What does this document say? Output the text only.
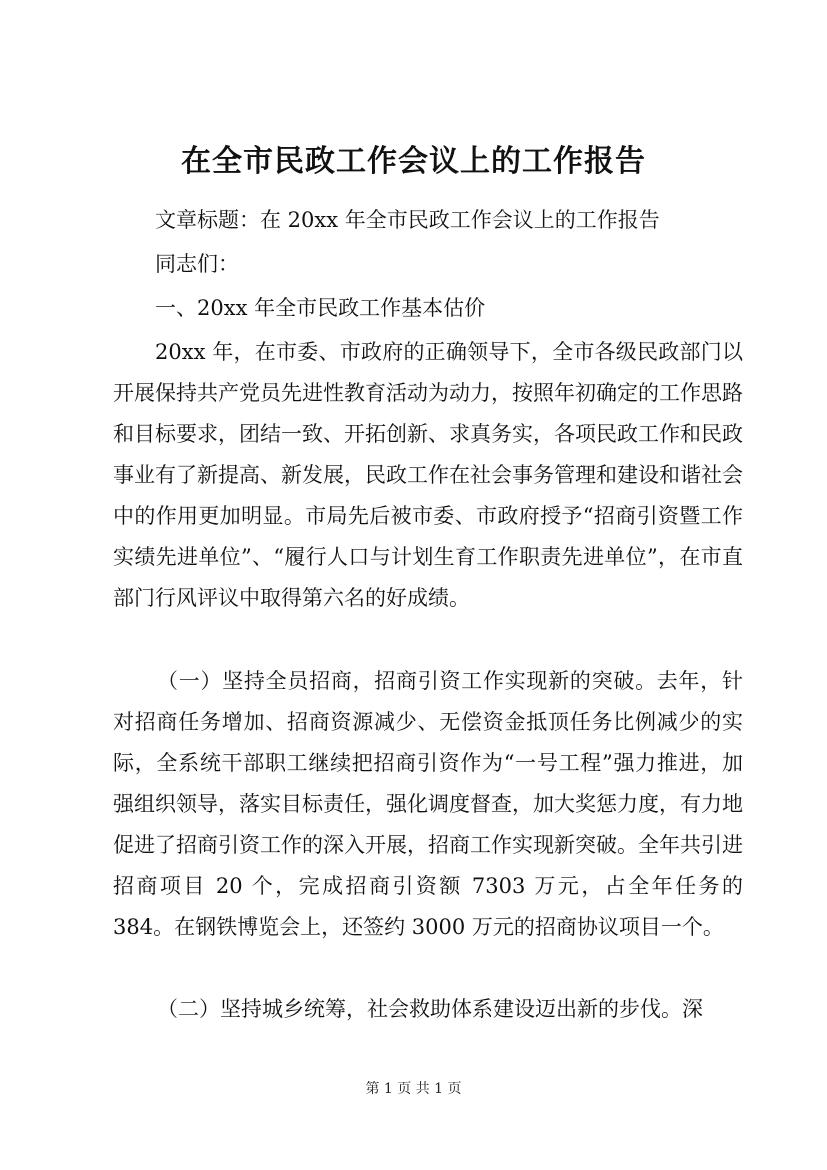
在全市民政工作会议上的工作报告

文章标题：在 20xx 年全市民政工作会议上的工作报告

同志们：

一、20xx 年全市民政工作基本估价

20xx 年，在市委、市政府的正确领导下，全市各级民政部门以开展保持共产党员先进性教育活动为动力，按照年初确定的工作思路和目标要求，团结一致、开拓创新、求真务实，各项民政工作和民政事业有了新提高、新发展，民政工作在社会事务管理和建设和谐社会中的作用更加明显。市局先后被市委、市政府授予“招商引资暨工作实绩先进单位”、“履行人口与计划生育工作职责先进单位”，在市直部门行风评议中取得第六名的好成绩。

（一）坚持全员招商，招商引资工作实现新的突破。去年，针对招商任务增加、招商资源减少、无偿资金抵顶任务比例减少的实际，全系统干部职工继续把招商引资作为“一号工程”强力推进，加强组织领导，落实目标责任，强化调度督查，加大奖惩力度，有力地促进了招商引资工作的深入开展，招商工作实现新突破。全年共引进招商项目 20 个，完成招商引资额 7303 万元，占全年任务的 384。在钢铁博览会上，还签约 3000 万元的招商协议项目一个。

（二）坚持城乡统筹，社会救助体系建设迈出新的步伐。深

第 1 页 共 1 页
